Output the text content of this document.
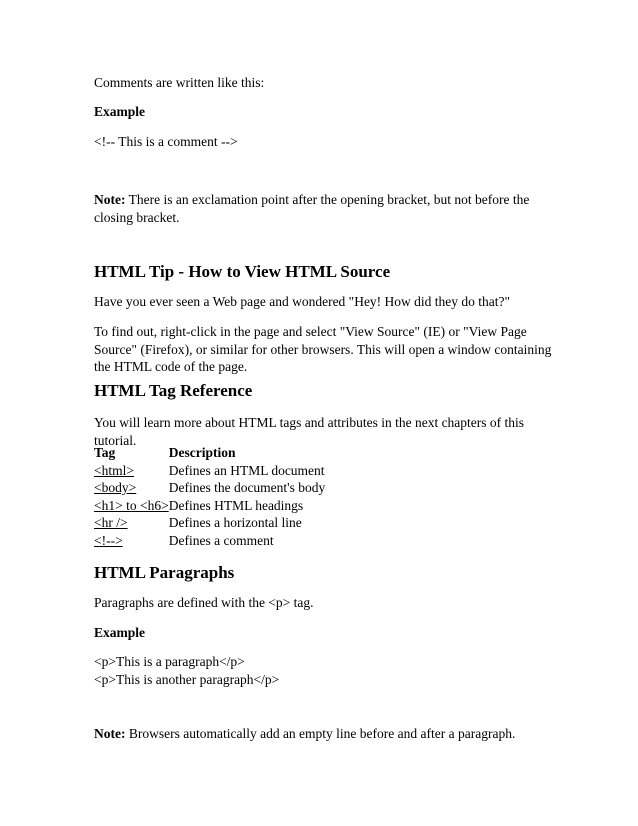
Comments are written like this:

Example

<!-- This is a comment -->

Note: There is an exclamation point after the opening bracket, but not before the closing bracket.

HTML Tip - How to View HTML Source

Have you ever seen a Web page and wondered "Hey! How did they do that?"

To find out, right-click in the page and select "View Source" (IE) or "View Page Source" (Firefox), or similar for other browsers. This will open a window containing the HTML code of the page.

HTML Tag Reference

You will learn more about HTML tags and attributes in the next chapters of this tutorial.

Tag	Description
<html>	Defines an HTML document
<body>	Defines the document's body
<h1> to <h6>	Defines HTML headings
<hr />	Defines a horizontal line
<!-->	Defines a comment
HTML Paragraphs

Paragraphs are defined with the <p> tag.

Example

<p>This is a paragraph</p>
<p>This is another paragraph</p>

Note: Browsers automatically add an empty line before and after a paragraph.
